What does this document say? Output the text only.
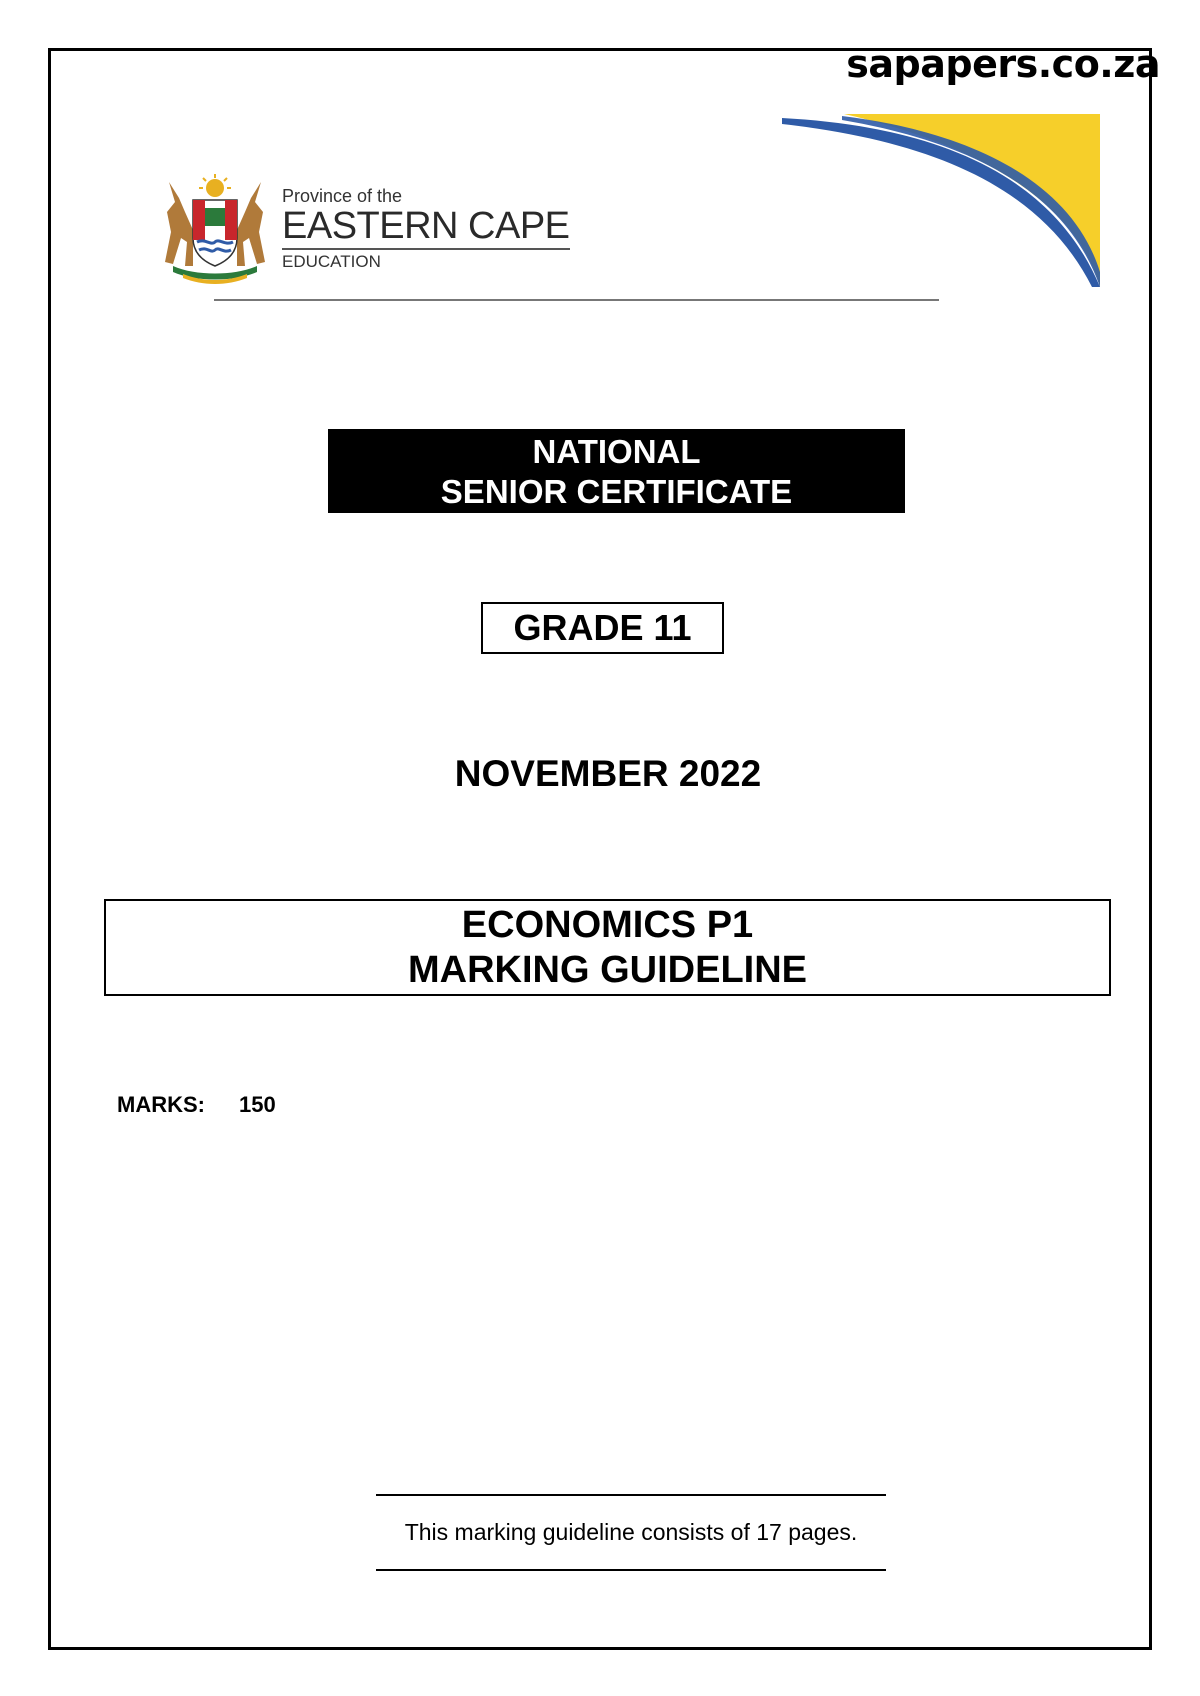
sapapers.co.za
Province of the
EASTERN CAPE
EDUCATION
NATIONAL
SENIOR CERTIFICATE
GRADE 11
NOVEMBER 2022
ECONOMICS P1
MARKING GUIDELINE
MARKS: 150
This marking guideline consists of 17 pages.
